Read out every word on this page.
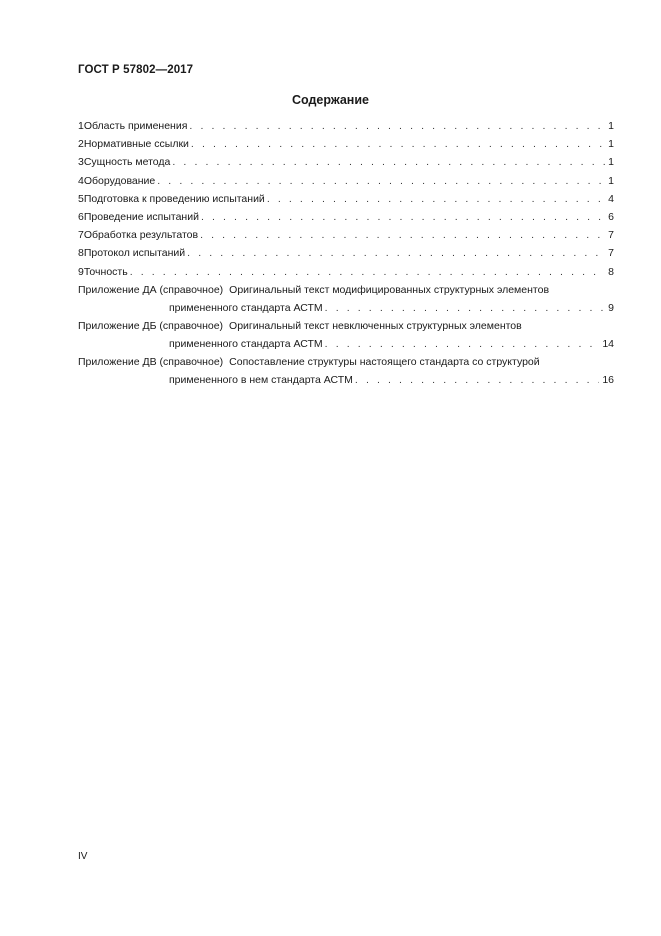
ГОСТ Р 57802—2017
Содержание
1 Область применения . . .	1
2 Нормативные ссылки . . .	1
3 Сущность метода . . .	1
4 Оборудование . . .	1
5 Подготовка к проведению испытаний . . .	4
6 Проведение испытаний . . .	6
7 Обработка результатов . . .	7
8 Протокол испытаний . . .	7
9 Точность . . .	8
Приложение ДА (справочное) Оригинальный текст модифицированных структурных элементов
примененного стандарта АСТМ . . .	9
Приложение ДБ (справочное) Оригинальный текст невключенных структурных элементов
примененного стандарта АСТМ . . .	14
Приложение ДВ (справочное) Сопоставление структуры настоящего стандарта со структурой
примененного в нем стандарта АСТМ . . .	16
IV
